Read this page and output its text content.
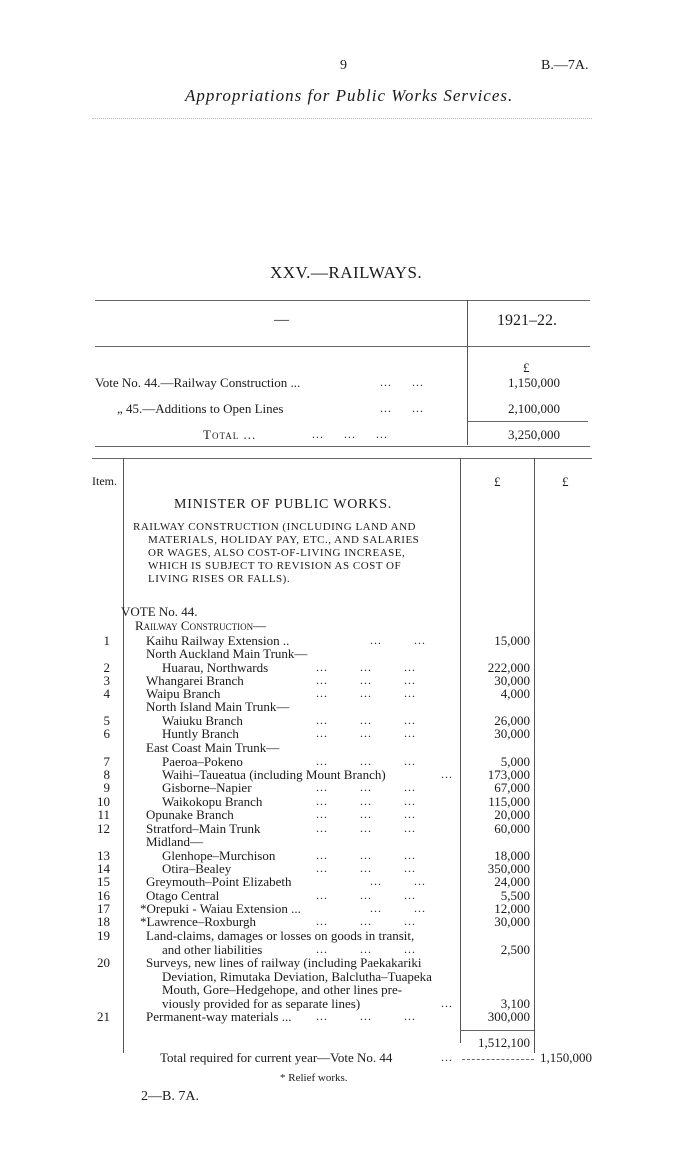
9	B.—7A.
Appropriations for Public Works Services.
XXV.—RAILWAYS.
—	1921–22.
£
Vote No. 44.—Railway Construction ...	...     ...	1,150,000
„ 45.—Additions to Open Lines	...     ...	2,100,000
Total ...	...     ...     ...	3,250,000
Item.	£	£
MINISTER OF PUBLIC WORKS.
RAILWAY CONSTRUCTION (INCLUDING LAND AND
MATERIALS, HOLIDAY PAY, ETC., AND SALARIES
OR WAGES, ALSO COST-OF-LIVING INCREASE,
WHICH IS SUBJECT TO REVISION AS COST OF
LIVING RISES OR FALLS).
VOTE No. 44.
Railway Construction—
1	Kaihu Railway Extension ..	15,000
North Auckland Main Trunk—
2	Huarau, Northwards	222,000
3	Whangarei Branch	30,000
4	Waipu Branch	4,000
North Island Main Trunk—
5	Waiuku Branch	26,000
6	Huntly Branch	30,000
East Coast Main Trunk—
7	Paeroa–Pokeno	5,000
8	Waihi–Taueatua (including Mount Branch)	173,000
9	Gisborne–Napier	67,000
10	Waikokopu Branch	115,000
11	Opunake Branch	20,000
12	Stratford–Main Trunk	60,000
Midland—
13	Glenhope–Murchison	18,000
14	Otira–Bealey	350,000
15	Greymouth–Point Elizabeth	24,000
16	Otago Central	5,500
17 *Orepuki - Waiau Extension ...	12,000
18 *Lawrence–Roxburgh	30,000
...        ...
...        ...        ...
...        ...        ...
...        ...        ...
...        ...        ...
...        ...        ...
...        ...        ...
...
...        ...        ...
...        ...        ...
...        ...        ...
...        ...        ...
...        ...        ...
...        ...        ...
...        ...
...        ...        ...
...        ...
...        ...        ...
...        ...        ...
...
...        ...        ...
19	Land-claims, damages or losses on goods in transit,
and other liabilities	2,500
20	Surveys, new lines of railway (including Paekakariki
Deviation, Rimutaka Deviation, Balclutha–Tuapeka
Mouth, Gore–Hedgehope, and other lines pre-
viously provided for as separate lines)	3,100
21	Permanent-way materials ...	300,000
1,512,100
Total required for current year—Vote No. 44	...	1,150,000
* Relief works.
2—B. 7A.
